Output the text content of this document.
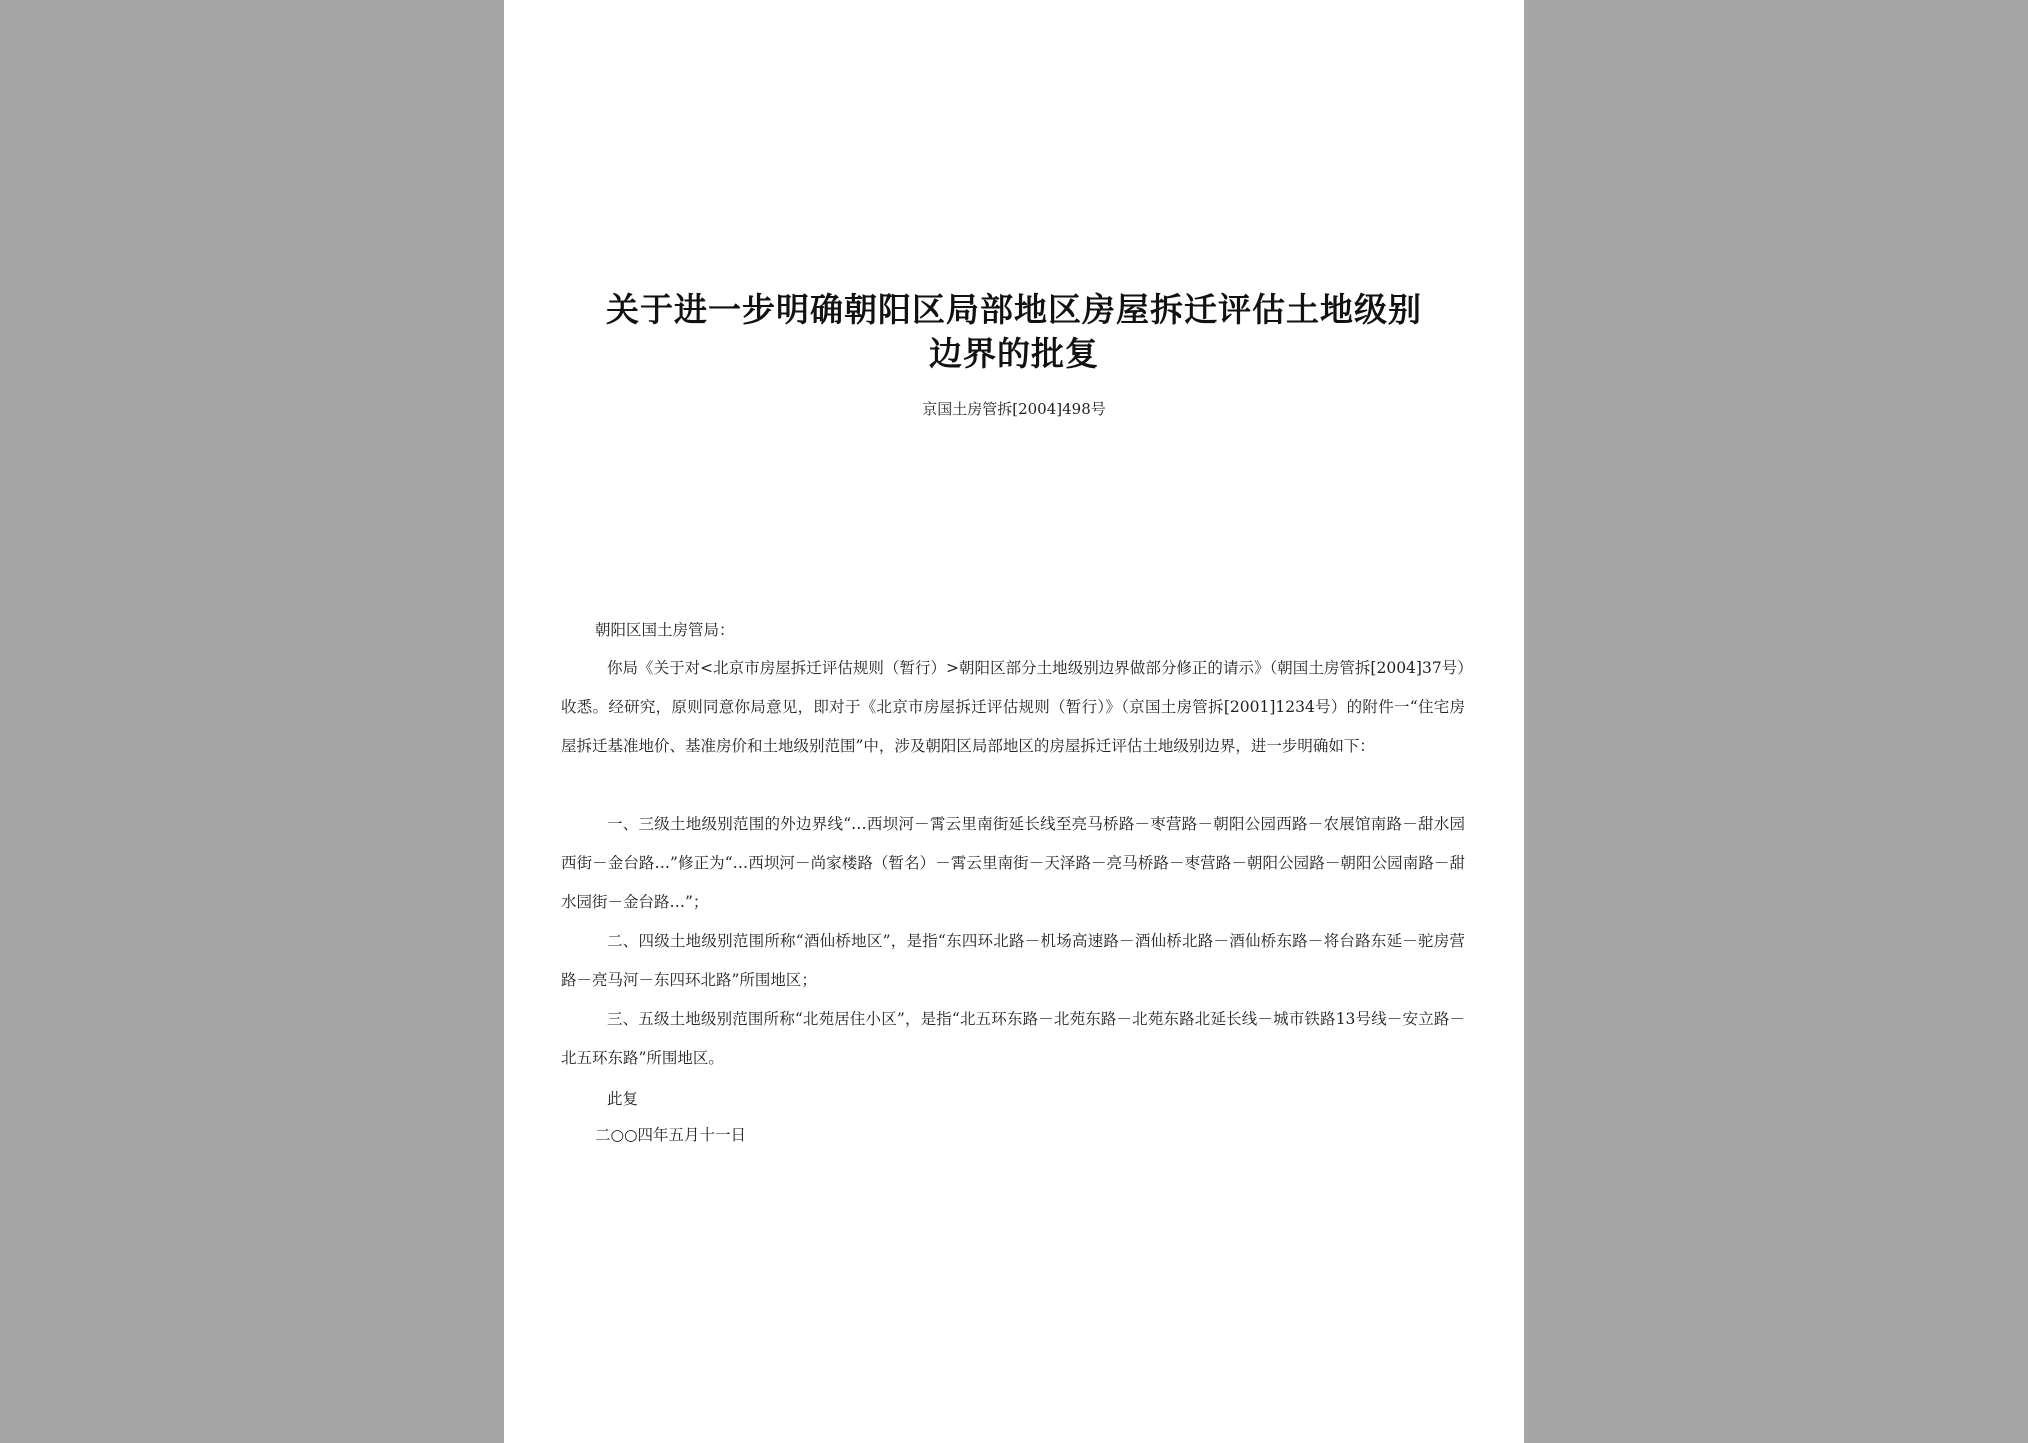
关于进一步明确朝阳区局部地区房屋拆迁评估土地级别
边界的批复
京国土房管拆[2004]498号
朝阳区国土房管局：
你局《关于对<北京市房屋拆迁评估规则（暂行）>朝阳区部分土地级别边界做部分修正的请示》（朝国土房管拆[2004]37号）收悉。经研究，原则同意你局意见，即对于《北京市房屋拆迁评估规则（暂行）》（京国土房管拆[2001]1234号）的附件一“住宅房屋拆迁基准地价、基准房价和土地级别范围”中，涉及朝阳区局部地区的房屋拆迁评估土地级别边界，进一步明确如下：
一、三级土地级别范围的外边界线“…西坝河－霄云里南街延长线至亮马桥路－枣营路－朝阳公园西路－农展馆南路－甜水园西街－金台路…”修正为“…西坝河－尚家楼路（暂名）－霄云里南街－天泽路－亮马桥路－枣营路－朝阳公园路－朝阳公园南路－甜水园街－金台路…”；
二、四级土地级别范围所称“酒仙桥地区”，是指“东四环北路－机场高速路－酒仙桥北路－酒仙桥东路－将台路东延－驼房营路－亮马河－东四环北路”所围地区；
三、五级土地级别范围所称“北苑居住小区”，是指“北五环东路－北苑东路－北苑东路北延长线－城市铁路13号线－安立路－北五环东路”所围地区。
此复
二○○四年五月十一日
